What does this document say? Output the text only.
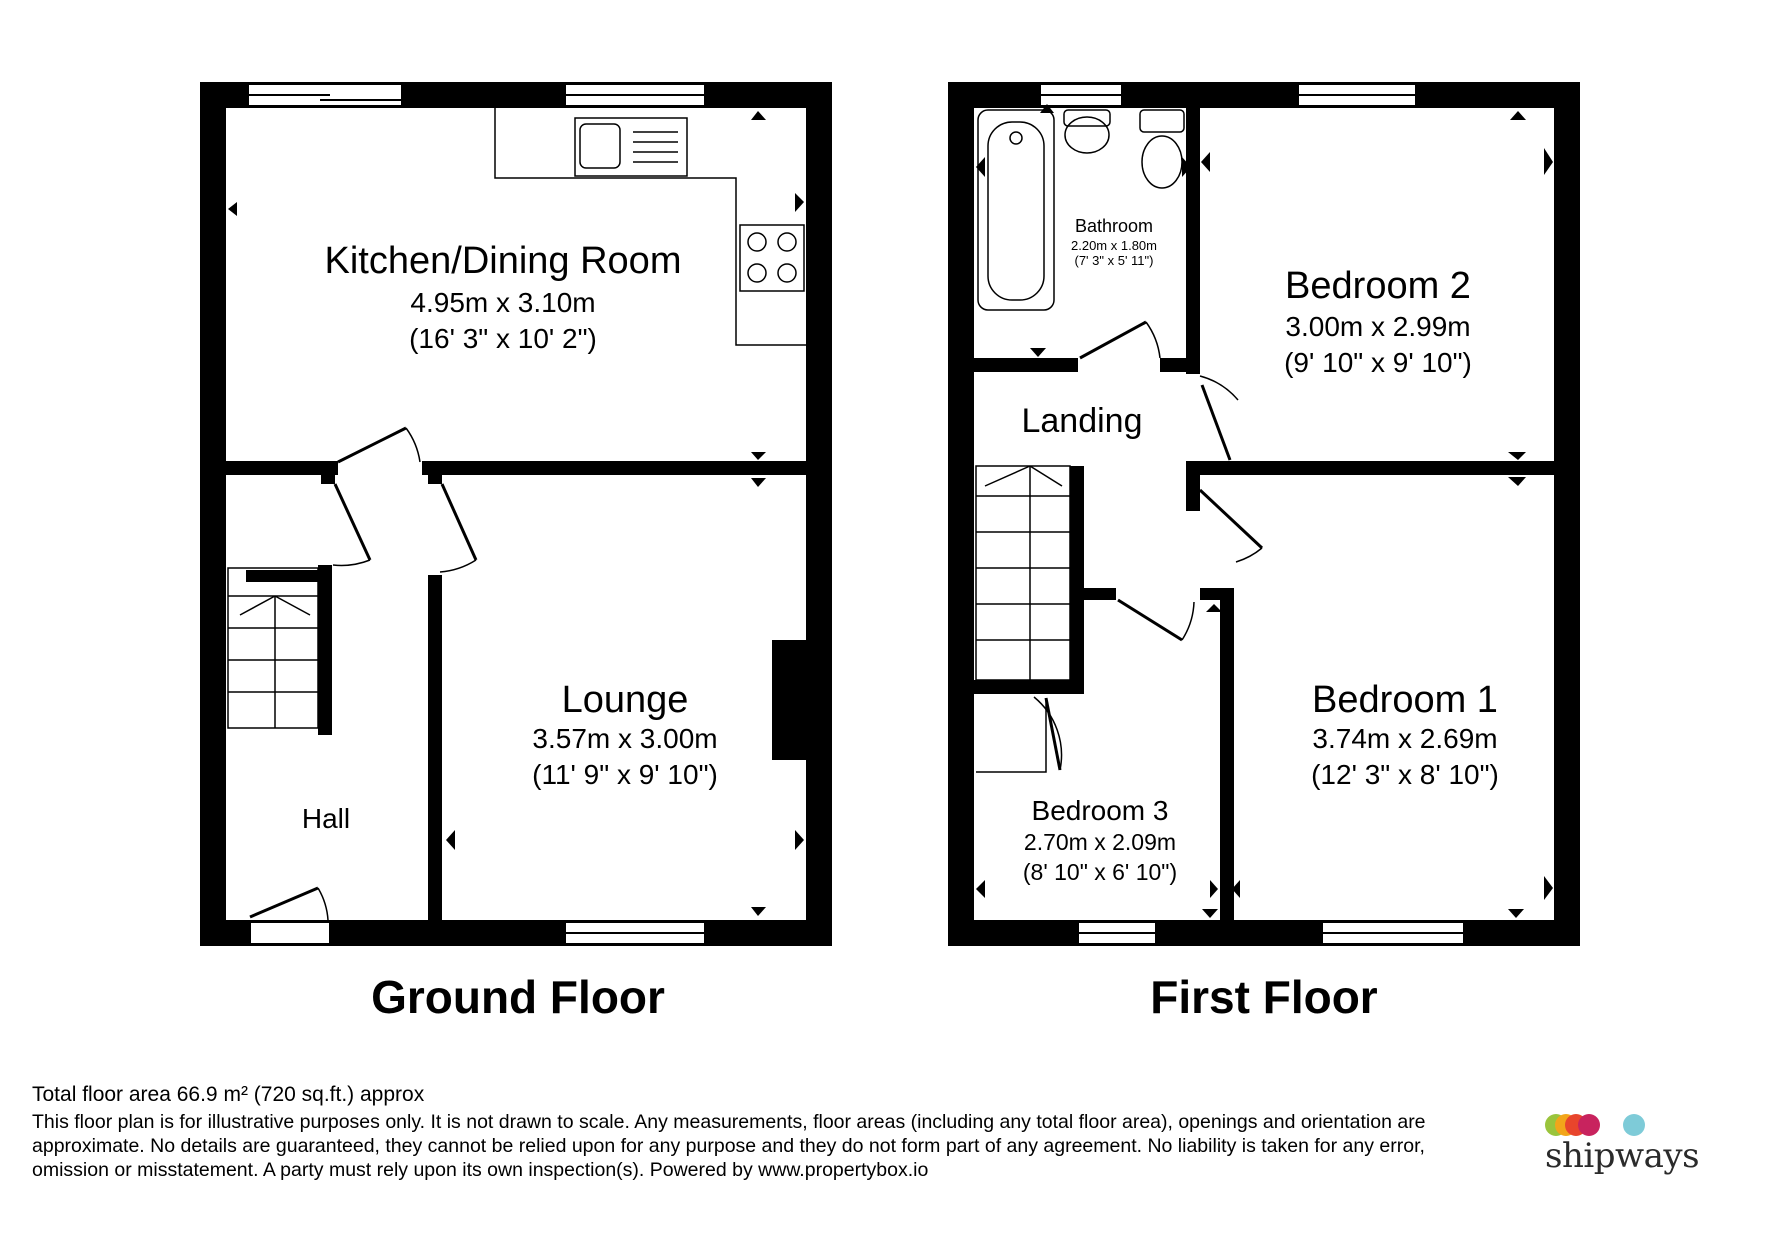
Kitchen/Dining Room
4.95m x 3.10m
(16' 3" x 10' 2")
Lounge
3.57m x 3.00m
(11' 9" x 9' 10")
Hall
Ground Floor
Bathroom
2.20m x 1.80m
(7' 3" x 5' 11")
Bedroom 2
3.00m x 2.99m
(9' 10" x 9' 10")
Landing
Bedroom 1
3.74m x 2.69m
(12' 3" x 8' 10")
Bedroom 3
2.70m x 2.09m
(8' 10" x 6' 10")
First Floor
Total floor area 66.9 m² (720 sq.ft.) approx
This floor plan is for illustrative purposes only. It is not drawn to scale. Any measurements, floor areas (including any total floor area), openings and orientation are approximate. No details are guaranteed, they cannot be relied upon for any purpose and they do not form part of any agreement. No liability is taken for any error, omission or misstatement. A party must rely upon its own inspection(s). Powered by www.propertybox.io	shipways
